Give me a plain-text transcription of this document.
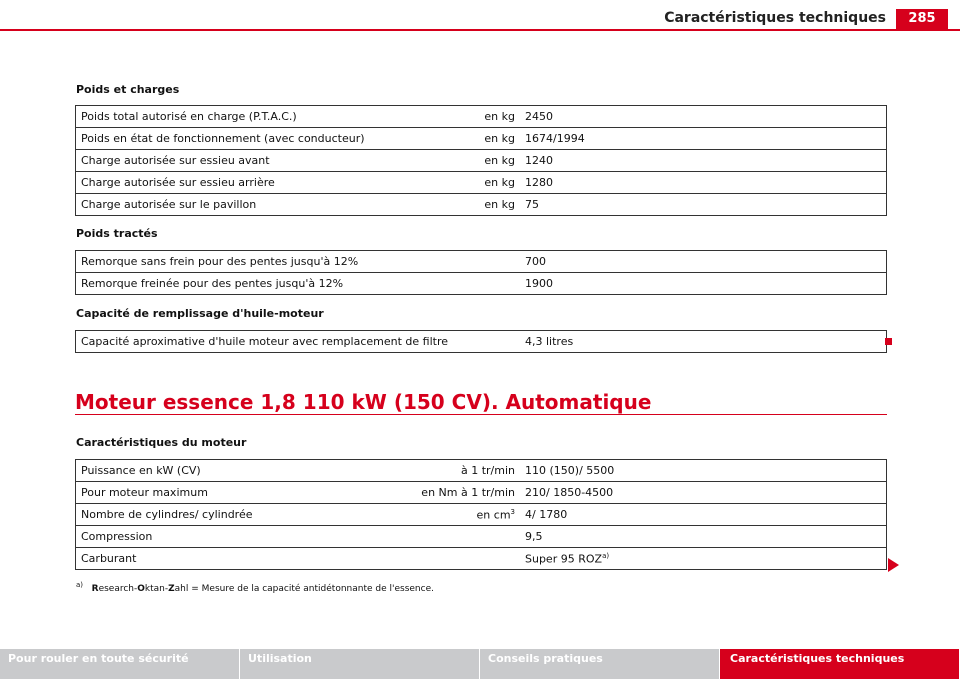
Caractéristiques techniques	285
Poids et charges
Poids total autorisé en charge (P.T.A.C.)	en kg	2450
Poids en état de fonctionnement (avec conducteur)	en kg	1674/1994
Charge autorisée sur essieu avant	en kg	1240
Charge autorisée sur essieu arrière	en kg	1280
Charge autorisée sur le pavillon	en kg	75
Poids tractés
Remorque sans frein pour des pentes jusqu'à 12%	700
Remorque freinée pour des pentes jusqu'à 12%	1900
Capacité de remplissage d'huile-moteur
Capacité aproximative d'huile moteur avec remplacement de filtre	4,3 litres
Moteur essence 1,8 110 kW (150 CV). Automatique
Caractéristiques du moteur
Puissance en kW (CV)	à 1 tr/min	110 (150)/ 5500
Pour moteur maximum	en Nm à 1 tr/min	210/ 1850-4500
Nombre de cylindres/ cylindrée	en $cm^3$	4/ 1780
Compression		9,5
Carburant		Super 95 ROZ$^{a)}$
$^{a)}$ Research-Oktan-Zahl = Mesure de la capacité antidétonnante de l'essence.
Pour rouler en toute sécurité	Utilisation	Conseils pratiques	Caractéristiques techniques
